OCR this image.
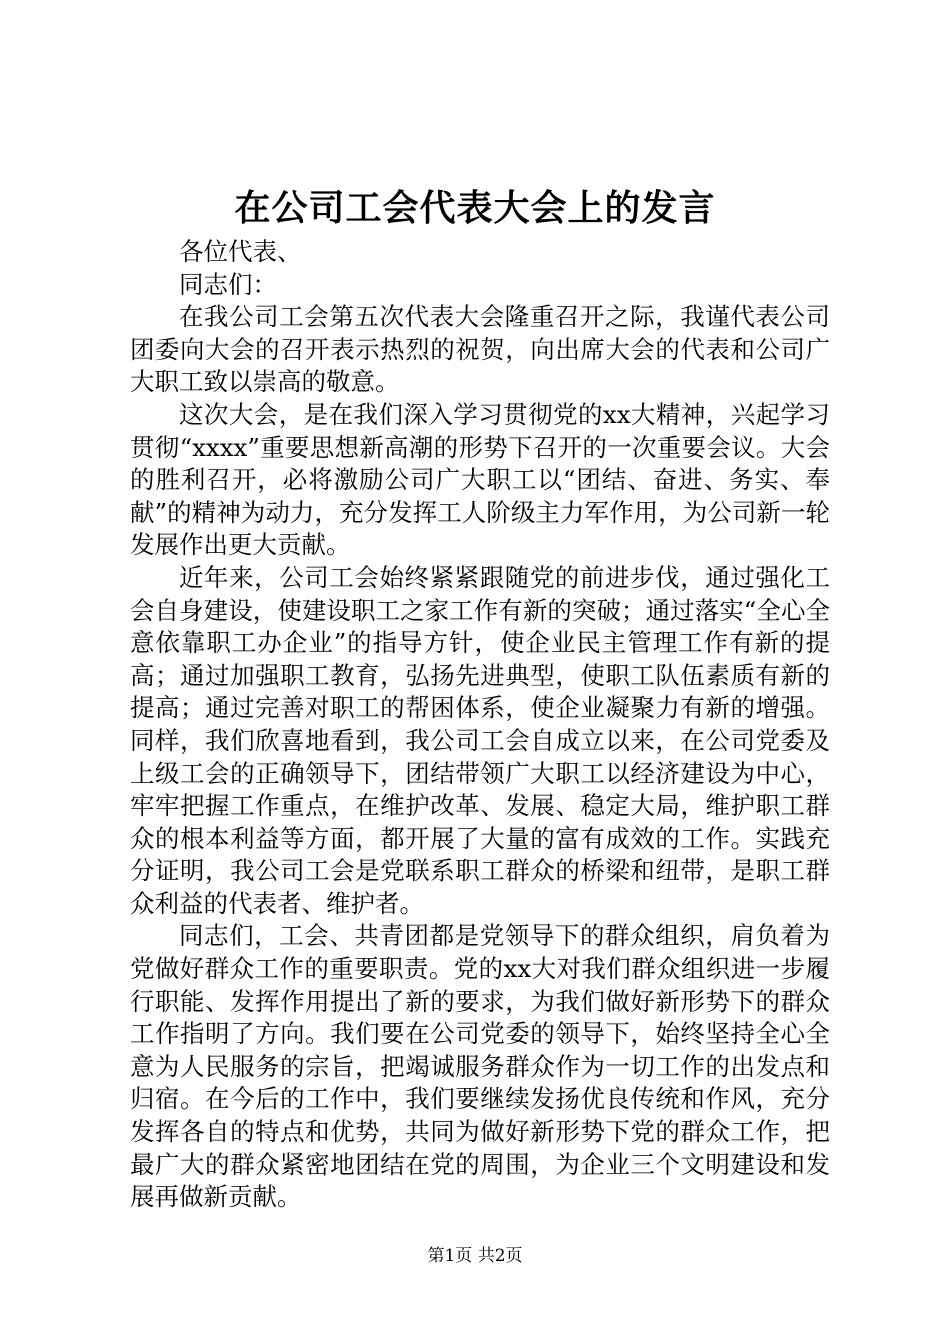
在公司工会代表大会上的发言

各位代表、

同志们：

在我公司工会第五次代表大会隆重召开之际，我谨代表公司团委向大会的召开表示热烈的祝贺，向出席大会的代表和公司广大职工致以崇高的敬意。

这次大会，是在我们深入学习贯彻党的xx大精神，兴起学习贯彻“xxxx”重要思想新高潮的形势下召开的一次重要会议。大会的胜利召开，必将激励公司广大职工以“团结、奋进、务实、奉献”的精神为动力，充分发挥工人阶级主力军作用，为公司新一轮发展作出更大贡献。

近年来，公司工会始终紧紧跟随党的前进步伐，通过强化工会自身建设，使建设职工之家工作有新的突破；通过落实“全心全意依靠职工办企业”的指导方针，使企业民主管理工作有新的提高；通过加强职工教育，弘扬先进典型，使职工队伍素质有新的提高；通过完善对职工的帮困体系，使企业凝聚力有新的增强。同样，我们欣喜地看到，我公司工会自成立以来，在公司党委及上级工会的正确领导下，团结带领广大职工以经济建设为中心，牢牢把握工作重点，在维护改革、发展、稳定大局，维护职工群众的根本利益等方面，都开展了大量的富有成效的工作。实践充分证明，我公司工会是党联系职工群众的桥梁和纽带，是职工群众利益的代表者、维护者。

同志们，工会、共青团都是党领导下的群众组织，肩负着为党做好群众工作的重要职责。党的xx大对我们群众组织进一步履行职能、发挥作用提出了新的要求，为我们做好新形势下的群众工作指明了方向。我们要在公司党委的领导下，始终坚持全心全意为人民服务的宗旨，把竭诚服务群众作为一切工作的出发点和归宿。在今后的工作中，我们要继续发扬优良传统和作风，充分发挥各自的特点和优势，共同为做好新形势下党的群众工作，把最广大的群众紧密地团结在党的周围，为企业三个文明建设和发展再做新贡献。

第1页 共2页
